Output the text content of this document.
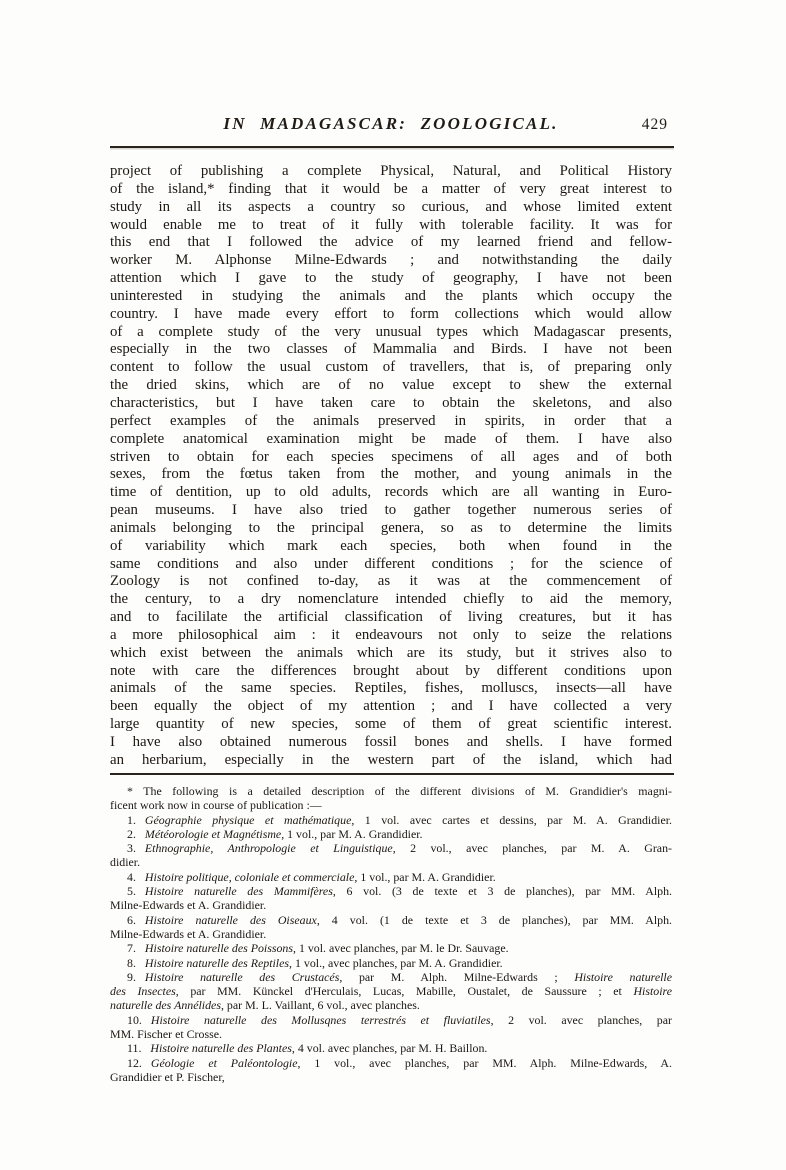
IN MADAGASCAR: ZOOLOGICAL.	429
project of publishing a complete Physical, Natural, and Political History
of the island,* finding that it would be a matter of very great interest to
study in all its aspects a country so curious, and whose limited extent
would enable me to treat of it fully with tolerable facility. It was for
this end that I followed the advice of my learned friend and fellow-
worker M. Alphonse Milne-Edwards ; and notwithstanding the daily
attention which I gave to the study of geography, I have not been
uninterested in studying the animals and the plants which occupy the
country. I have made every effort to form collections which would allow
of a complete study of the very unusual types which Madagascar presents,
especially in the two classes of Mammalia and Birds. I have not been
content to follow the usual custom of travellers, that is, of preparing only
the dried skins, which are of no value except to shew the external
characteristics, but I have taken care to obtain the skeletons, and also
perfect examples of the animals preserved in spirits, in order that a
complete anatomical examination might be made of them. I have also
striven to obtain for each species specimens of all ages and of both
sexes, from the fœtus taken from the mother, and young animals in the
time of dentition, up to old adults, records which are all wanting in Euro-
pean museums. I have also tried to gather together numerous series of
animals belonging to the principal genera, so as to determine the limits
of variability which mark each species, both when found in the
same conditions and also under different conditions ; for the science of
Zoology is not confined to-day, as it was at the commencement of
the century, to a dry nomenclature intended chiefly to aid the memory,
and to facililate the artificial classification of living creatures, but it has
a more philosophical aim : it endeavours not only to seize the relations
which exist between the animals which are its study, but it strives also to
note with care the differences brought about by different conditions upon
animals of the same species. Reptiles, fishes, molluscs, insects—all have
been equally the object of my attention ; and I have collected a very
large quantity of new species, some of them of great scientific interest.
I have also obtained numerous fossil bones and shells. I have formed
an herbarium, especially in the western part of the island, which had
* The following is a detailed description of the different divisions of M. Grandidier's magni-
ficent work now in course of publication :—
1. Géographie physique et mathématique, 1 vol. avec cartes et dessins, par M. A. Grandidier.
2. Météorologie et Magnétisme, 1 vol., par M. A. Grandidier.
3. Ethnographie, Anthropologie et Linguistique, 2 vol., avec planches, par M. A. Gran-
didier.
4. Histoire politique, coloniale et commerciale, 1 vol., par M. A. Grandidier.
5. Histoire naturelle des Mammifères, 6 vol. (3 de texte et 3 de planches), par MM. Alph.
Milne-Edwards et A. Grandidier.
6. Histoire naturelle des Oiseaux, 4 vol. (1 de texte et 3 de planches), par MM. Alph.
Milne-Edwards et A. Grandidier.
7. Histoire naturelle des Poissons, 1 vol. avec planches, par M. le Dr. Sauvage.
8. Histoire naturelle des Reptiles, 1 vol., avec planches, par M. A. Grandidier.
9. Histoire naturelle des Crustacés, par M. Alph. Milne-Edwards ; Histoire naturelle
des Insectes, par MM. Künckel d'Herculais, Lucas, Mabille, Oustalet, de Saussure ; et Histoire
naturelle des Annélides, par M. L. Vaillant, 6 vol., avec planches.
10. Histoire naturelle des Mollusqnes terrestrés et fluviatiles, 2 vol. avec planches, par
MM. Fischer et Crosse.
11. Histoire naturelle des Plantes, 4 vol. avec planches, par M. H. Baillon.
12. Géologie et Paléontologie, 1 vol., avec planches, par MM. Alph. Milne-Edwards, A.
Grandidier et P. Fischer,
